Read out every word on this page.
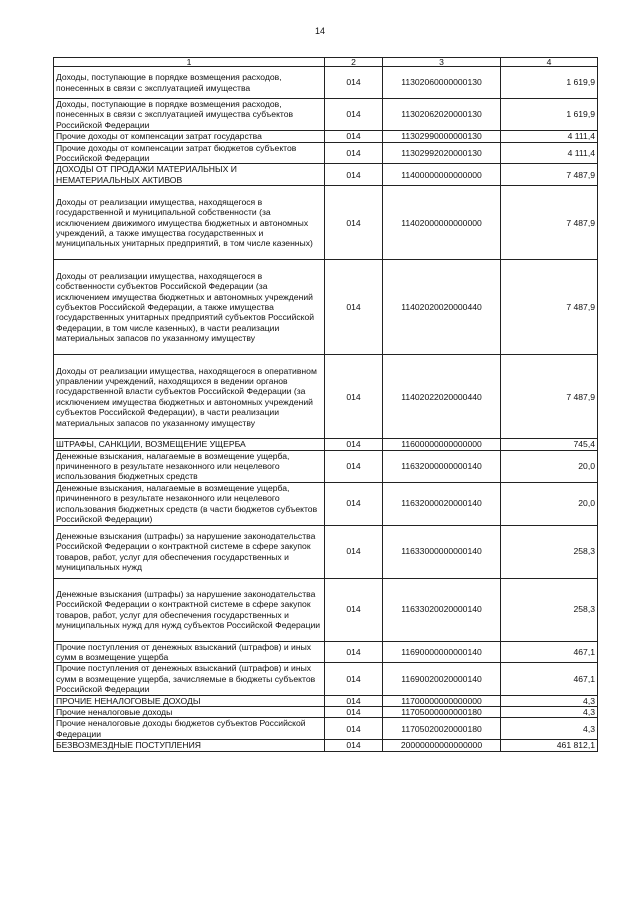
14
1	2	3	4
Доходы, поступающие в порядке возмещения расходов, понесенных в связи с эксплуатацией имущества	014	11302060000000130	1 619,9
Доходы, поступающие в порядке возмещения расходов, понесенных в связи с эксплуатацией имущества субъектов Российской Федерации	014	11302062020000130	1 619,9
Прочие доходы от компенсации затрат государства	014	11302990000000130	4 111,4
Прочие доходы от компенсации затрат бюджетов субъектов Российской Федерации	014	11302992020000130	4 111,4
ДОХОДЫ ОТ ПРОДАЖИ МАТЕРИАЛЬНЫХ И НЕМАТЕРИАЛЬНЫХ АКТИВОВ	014	11400000000000000	7 487,9
Доходы от реализации имущества, находящегося в государственной и муниципальной собственности (за исключением движимого имущества бюджетных и автономных учреждений, а также имущества государственных и муниципальных унитарных предприятий, в том числе казенных)	014	11402000000000000	7 487,9
Доходы от реализации имущества, находящегося в собственности субъектов Российской Федерации (за исключением имущества бюджетных и автономных учреждений субъектов Российской Федерации, а также имущества государственных унитарных предприятий субъектов Российской Федерации, в том числе казенных), в части реализации материальных запасов по указанному имуществу	014	11402020020000440	7 487,9
Доходы от реализации имущества, находящегося в оперативном управлении учреждений, находящихся в ведении органов государственной власти субъектов Российской Федерации (за исключением имущества бюджетных и автономных учреждений субъектов Российской Федерации), в части реализации материальных запасов по указанному имуществу	014	11402022020000440	7 487,9
ШТРАФЫ, САНКЦИИ, ВОЗМЕЩЕНИЕ УЩЕРБА	014	11600000000000000	745,4
Денежные взыскания, налагаемые в возмещение ущерба, причиненного в результате незаконного или нецелевого использования бюджетных средств	014	11632000000000140	20,0
Денежные взыскания, налагаемые в возмещение ущерба, причиненного в результате незаконного или нецелевого использования бюджетных средств (в части бюджетов субъектов Российской Федерации)	014	11632000020000140	20,0
Денежные взыскания (штрафы) за нарушение законодательства Российской Федерации о контрактной системе в сфере закупок товаров, работ, услуг для обеспечения государственных и муниципальных нужд	014	11633000000000140	258,3
Денежные взыскания (штрафы) за нарушение законодательства Российской Федерации о контрактной системе в сфере закупок товаров, работ, услуг для обеспечения государственных и муниципальных нужд для нужд субъектов Российской Федерации	014	11633020020000140	258,3
Прочие поступления от денежных взысканий (штрафов) и иных сумм в возмещение ущерба	014	11690000000000140	467,1
Прочие поступления от денежных взысканий (штрафов) и иных сумм в возмещение ущерба, зачисляемые в бюджеты субъектов Российской Федерации	014	11690020020000140	467,1
ПРОЧИЕ НЕНАЛОГОВЫЕ ДОХОДЫ	014	11700000000000000	4,3
Прочие неналоговые доходы	014	11705000000000180	4,3
Прочие неналоговые доходы бюджетов субъектов Российской Федерации	014	11705020020000180	4,3
БЕЗВОЗМЕЗДНЫЕ ПОСТУПЛЕНИЯ	014	20000000000000000	461 812,1
